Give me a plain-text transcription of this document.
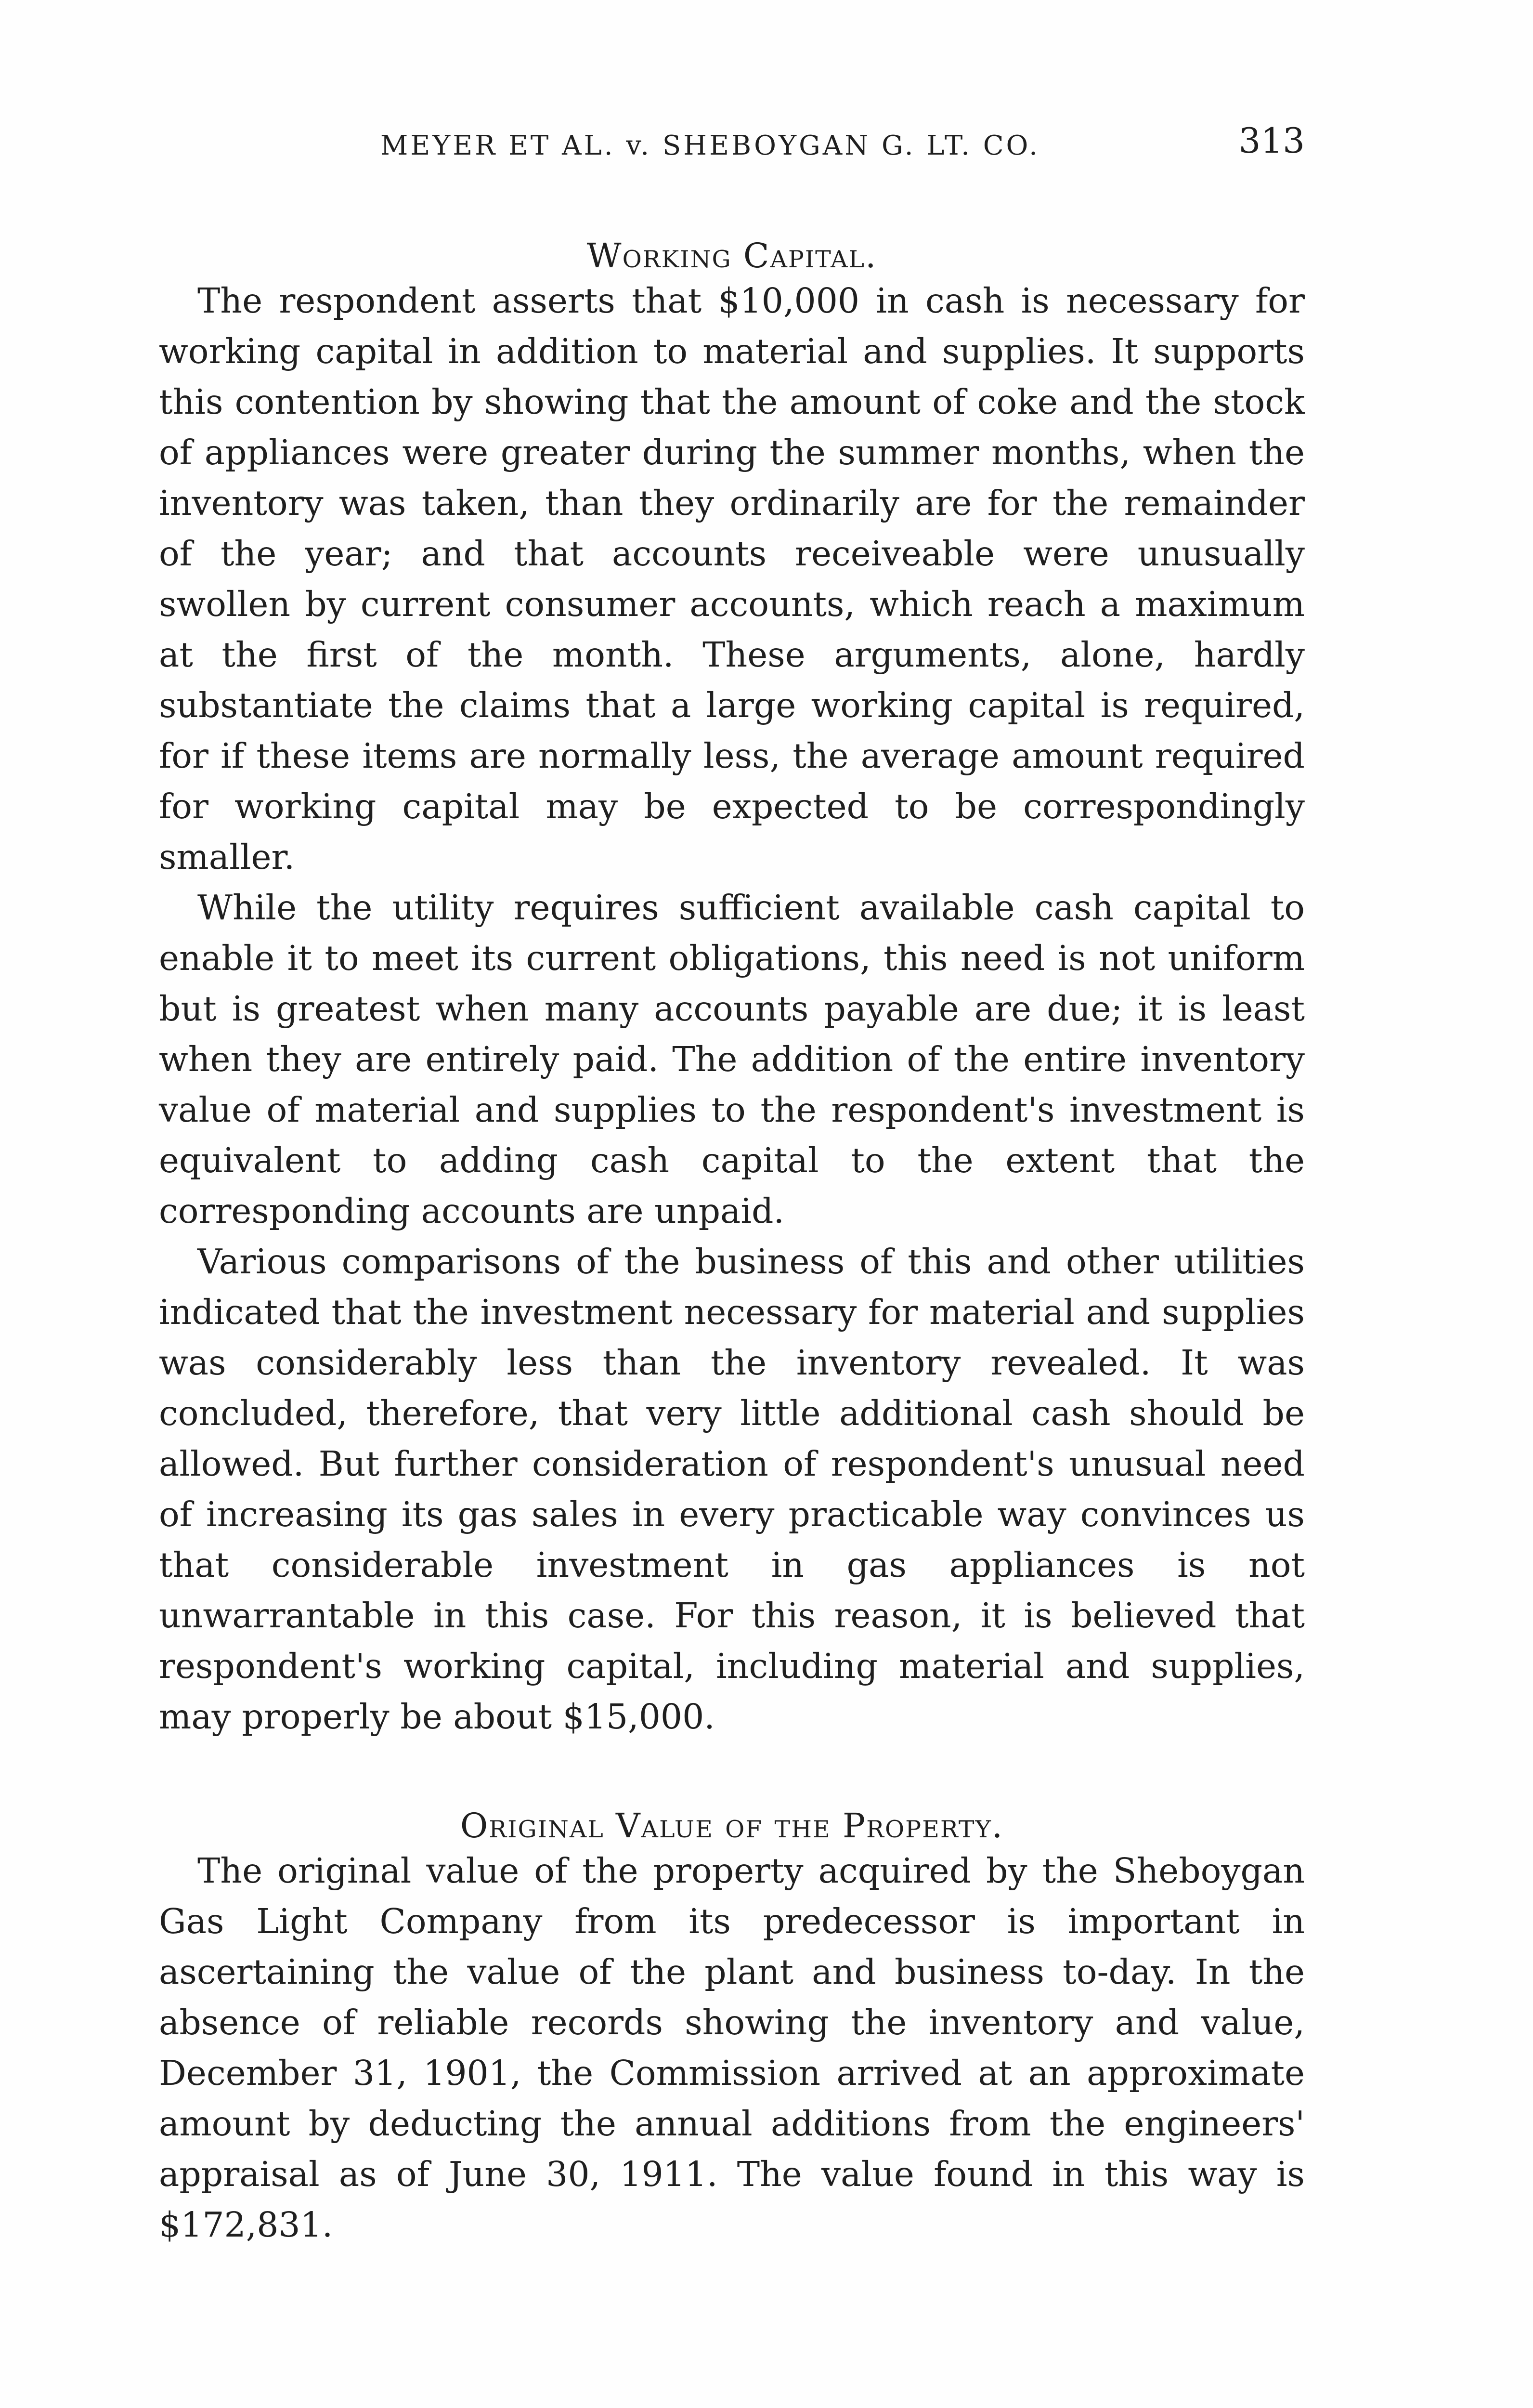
MEYER ET AL. v. SHEBOYGAN G. LT. CO.	313
Working Capital.

The respondent asserts that $10,000 in cash is necessary for working capital in addition to material and supplies. It supports this contention by showing that the amount of coke and the stock of appliances were greater during the summer months, when the inventory was taken, than they ordinarily are for the remainder of the year; and that accounts receiveable were unusually swollen by current consumer accounts, which reach a maximum at the first of the month. These arguments, alone, hardly substantiate the claims that a large working capital is required, for if these items are normally less, the average amount required for working capital may be expected to be correspondingly smaller.

While the utility requires sufficient available cash capital to enable it to meet its current obligations, this need is not uniform but is greatest when many accounts payable are due; it is least when they are entirely paid. The addition of the entire inventory value of material and supplies to the respondent's investment is equivalent to adding cash capital to the extent that the corresponding accounts are unpaid.

Various comparisons of the business of this and other utilities indicated that the investment necessary for material and supplies was considerably less than the inventory revealed. It was concluded, therefore, that very little additional cash should be allowed. But further consideration of respondent's unusual need of increasing its gas sales in every practicable way convinces us that considerable investment in gas appliances is not unwarrantable in this case. For this reason, it is believed that respondent's working capital, including material and supplies, may properly be about $15,000.

Original Value of the Property.

The original value of the property acquired by the Sheboygan Gas Light Company from its predecessor is important in ascertaining the value of the plant and business to-day. In the absence of reliable records showing the inventory and value, December 31, 1901, the Commission arrived at an approximate amount by deducting the annual additions from the engineers' appraisal as of June 30, 1911. The value found in this way is $172,831.
